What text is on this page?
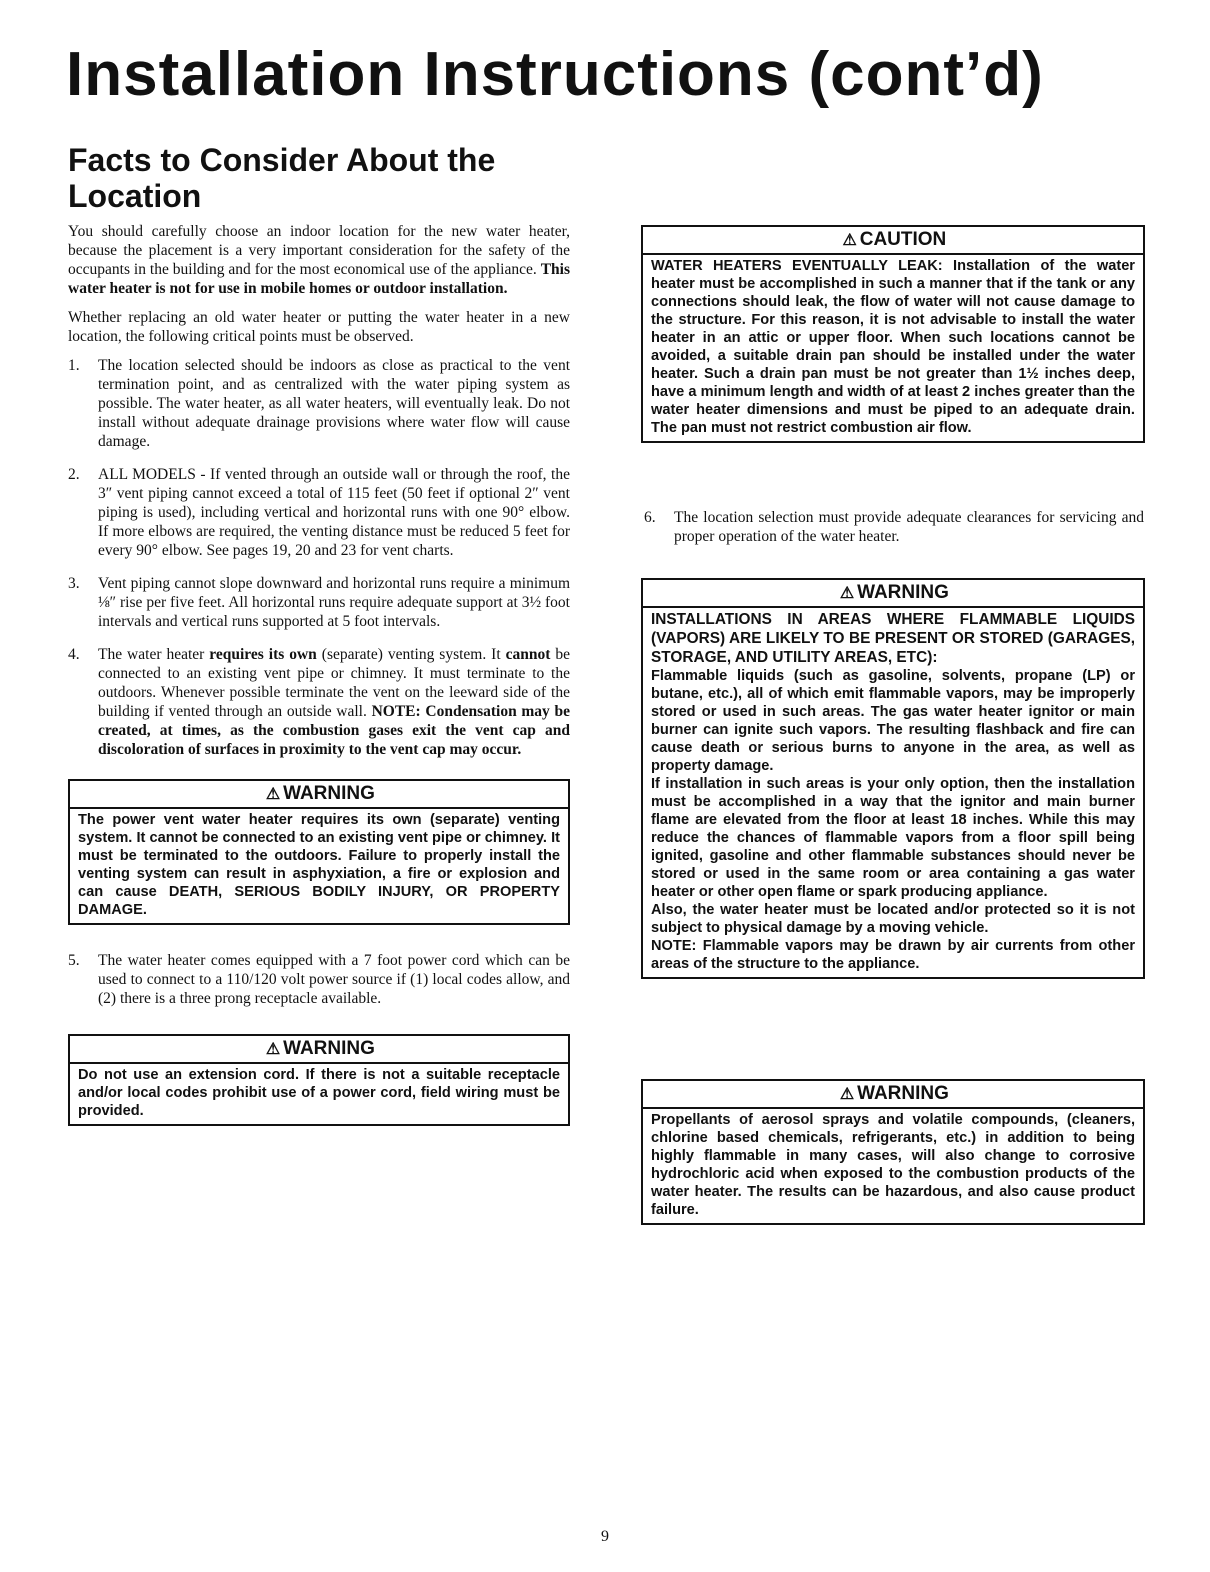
Installation Instructions (cont’d)
Facts to Consider About the Location

You should carefully choose an indoor location for the new water heater, because the placement is a very important consideration for the safety of the occupants in the building and for the most economical use of the appliance. This water heater is not for use in mobile homes or outdoor installation.

Whether replacing an old water heater or putting the water heater in a new location, the following critical points must be observed.

1.	The location selected should be indoors as close as practical to the vent termination point, and as centralized with the water piping system as possible. The water heater, as all water heaters, will eventually leak. Do not install without adequate drainage provisions where water flow will cause damage.

2.	ALL MODELS - If vented through an outside wall or through the roof, the 3″ vent piping cannot exceed a total of 115 feet (50 feet if optional 2″ vent piping is used), including vertical and horizontal runs with one 90° elbow. If more elbows are required, the venting distance must be reduced 5 feet for every 90° elbow. See pages 19, 20 and 23 for vent charts.

3.	Vent piping cannot slope downward and horizontal runs require a minimum ⅛″ rise per five feet. All horizontal runs require adequate support at 3½ foot intervals and vertical runs supported at 5 foot intervals.

4.	The water heater requires its own (separate) venting system. It cannot be connected to an existing vent pipe or chimney. It must terminate to the outdoors. Whenever possible terminate the vent on the leeward side of the building if vented through an outside wall. NOTE: Condensation may be created, at times, as the combustion gases exit the vent cap and discoloration of surfaces in proximity to the vent cap may occur.

⚠ WARNING
The power vent water heater requires its own (separate) venting system. It cannot be connected to an existing vent pipe or chimney. It must be terminated to the outdoors. Failure to properly install the venting system can result in asphyxiation, a fire or explosion and can cause DEATH, SERIOUS BODILY INJURY, OR PROPERTY DAMAGE.
5.	The water heater comes equipped with a 7 foot power cord which can be used to connect to a 110/120 volt power source if (1) local codes allow, and (2) there is a three prong receptacle available.

⚠ WARNING
Do not use an extension cord. If there is not a suitable receptacle and/or local codes prohibit use of a power cord, field wiring must be provided.
⚠ CAUTION
WATER HEATERS EVENTUALLY LEAK: Installation of the water heater must be accomplished in such a manner that if the tank or any connections should leak, the flow of water will not cause damage to the structure. For this reason, it is not advisable to install the water heater in an attic or upper floor. When such locations cannot be avoided, a suitable drain pan should be installed under the water heater. Such a drain pan must be not greater than 1½ inches deep, have a minimum length and width of at least 2 inches greater than the water heater dimensions and must be piped to an adequate drain. The pan must not restrict combustion air flow.
6.	The location selection must provide adequate clearances for servicing and proper operation of the water heater.

⚠ WARNING

INSTALLATIONS IN AREAS WHERE FLAMMABLE LIQUIDS (VAPORS) ARE LIKELY TO BE PRESENT OR STORED (GARAGES, STORAGE, AND UTILITY AREAS, ETC):

Flammable liquids (such as gasoline, solvents, propane (LP) or butane, etc.), all of which emit flammable vapors, may be improperly stored or used in such areas. The gas water heater ignitor or main burner can ignite such vapors. The resulting flashback and fire can cause death or serious burns to anyone in the area, as well as property damage.

If installation in such areas is your only option, then the installation must be accomplished in a way that the ignitor and main burner flame are elevated from the floor at least 18 inches. While this may reduce the chances of flammable vapors from a floor spill being ignited, gasoline and other flammable substances should never be stored or used in the same room or area containing a gas water heater or other open flame or spark producing appliance.

Also, the water heater must be located and/or protected so it is not subject to physical damage by a moving vehicle.

NOTE: Flammable vapors may be drawn by air currents from other areas of the structure to the appliance.

⚠ WARNING
Propellants of aerosol sprays and volatile compounds, (cleaners, chlorine based chemicals, refrigerants, etc.) in addition to being highly flammable in many cases, will also change to corrosive hydrochloric acid when exposed to the combustion products of the water heater. The results can be hazardous, and also cause product failure.
9
